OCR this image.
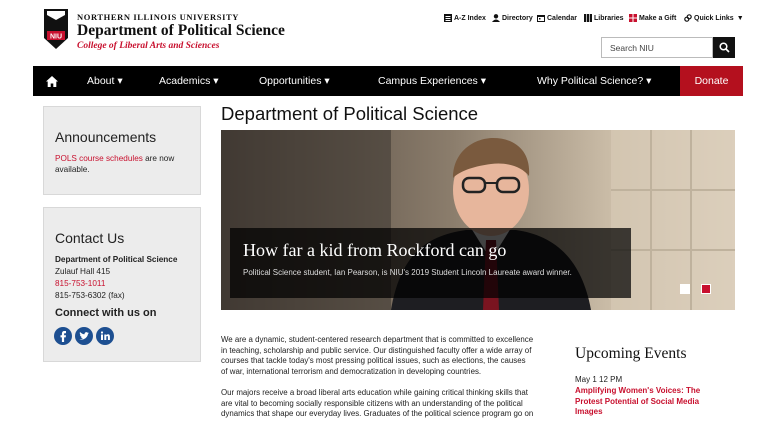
NIU
NORTHERN ILLINOIS UNIVERSITY
Department of Political Science
College of Liberal Arts and Sciences
A-Z Index Directory Calendar Libraries Make a Gift	Quick Links ▼
Search NIU
About ▾	Academics ▾	Opportunities ▾	Campus Experiences ▾	Why Political Science? ▾	Donate
Announcements
POLS course schedules are now
available.
Contact Us
Department of Political Science
Zulauf Hall 415
815-753-1011
815-753-6302 (fax)
Connect with us on
Department of Political Science
How far a kid from Rockford can go
Political Science student, Ian Pearson, is NIU's 2019 Student Lincoln Laureate award winner.
We are a dynamic, student-centered research department that is committed to excellence
in teaching, scholarship and public service. Our distinguished faculty offer a wide array of
courses that tackle today's most pressing political issues, such as elections, the causes
of war, international terrorism and democratization in developing countries.
Our majors receive a broad liberal arts education while gaining critical thinking skills that
are vital to becoming socially responsible citizens with an understanding of the political
dynamics that shape our everyday lives. Graduates of the political science program go on
Upcoming Events
May 1 12 PM
Amplifying Women's Voices: The Protest Potential of Social Media Images
